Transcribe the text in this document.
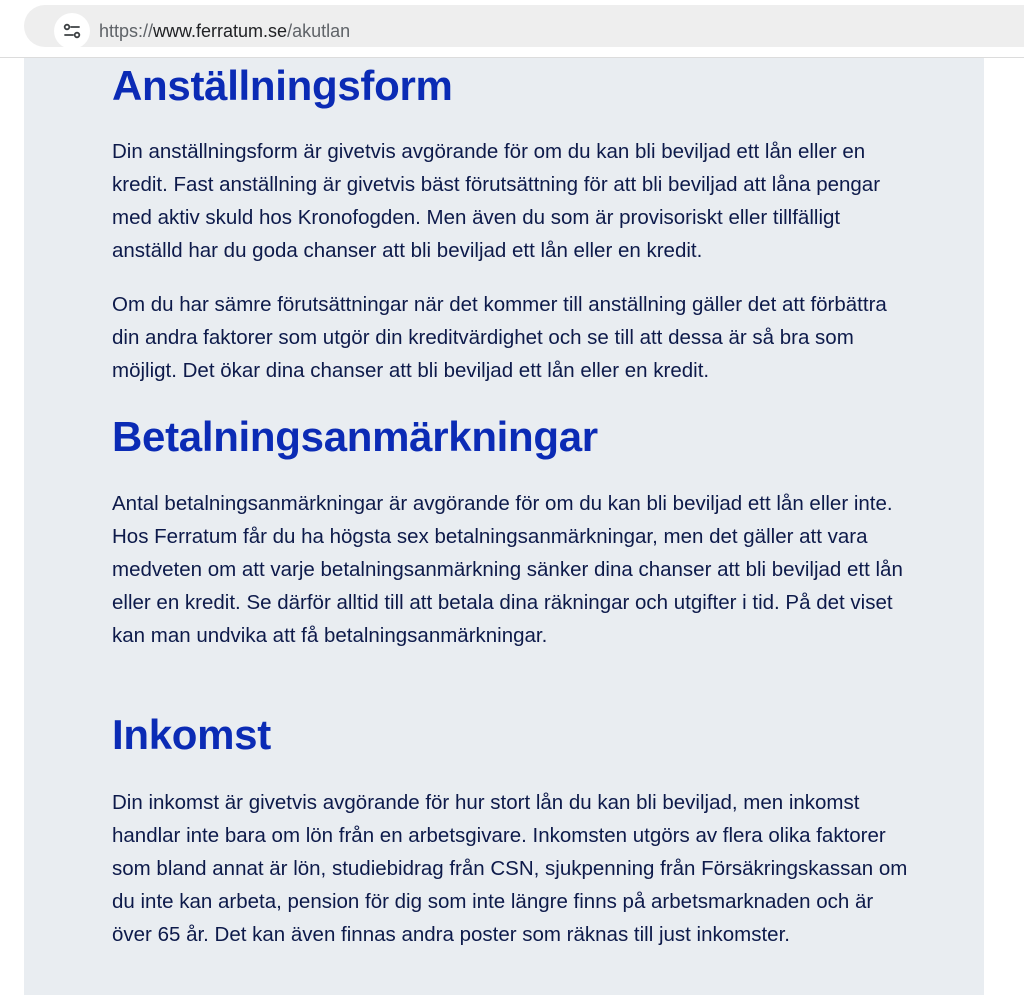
https://www.ferratum.se/akutlan
Anställningsform

Din anställningsform är givetvis avgörande för om du kan bli beviljad ett lån eller en kredit. Fast anställning är givetvis bäst förutsättning för att bli beviljad att låna pengar med aktiv skuld hos Kronofogden. Men även du som är provisoriskt eller tillfälligt anställd har du goda chanser att bli beviljad ett lån eller en kredit.

Om du har sämre förutsättningar när det kommer till anställning gäller det att förbättra din andra faktorer som utgör din kreditvärdighet och se till att dessa är så bra som möjligt. Det ökar dina chanser att bli beviljad ett lån eller en kredit.

Betalningsanmärkningar

Antal betalningsanmärkningar är avgörande för om du kan bli beviljad ett lån eller inte. Hos Ferratum får du ha högsta sex betalningsanmärkningar, men det gäller att vara medveten om att varje betalningsanmärkning sänker dina chanser att bli beviljad ett lån eller en kredit. Se därför alltid till att betala dina räkningar och utgifter i tid. På det viset kan man undvika att få betalningsanmärkningar.

Inkomst

Din inkomst är givetvis avgörande för hur stort lån du kan bli beviljad, men inkomst handlar inte bara om lön från en arbetsgivare. Inkomsten utgörs av flera olika faktorer som bland annat är lön, studiebidrag från CSN, sjukpenning från Försäkringskassan om du inte kan arbeta, pension för dig som inte längre finns på arbetsmarknaden och är över 65 år. Det kan även finnas andra poster som räknas till just inkomster.
